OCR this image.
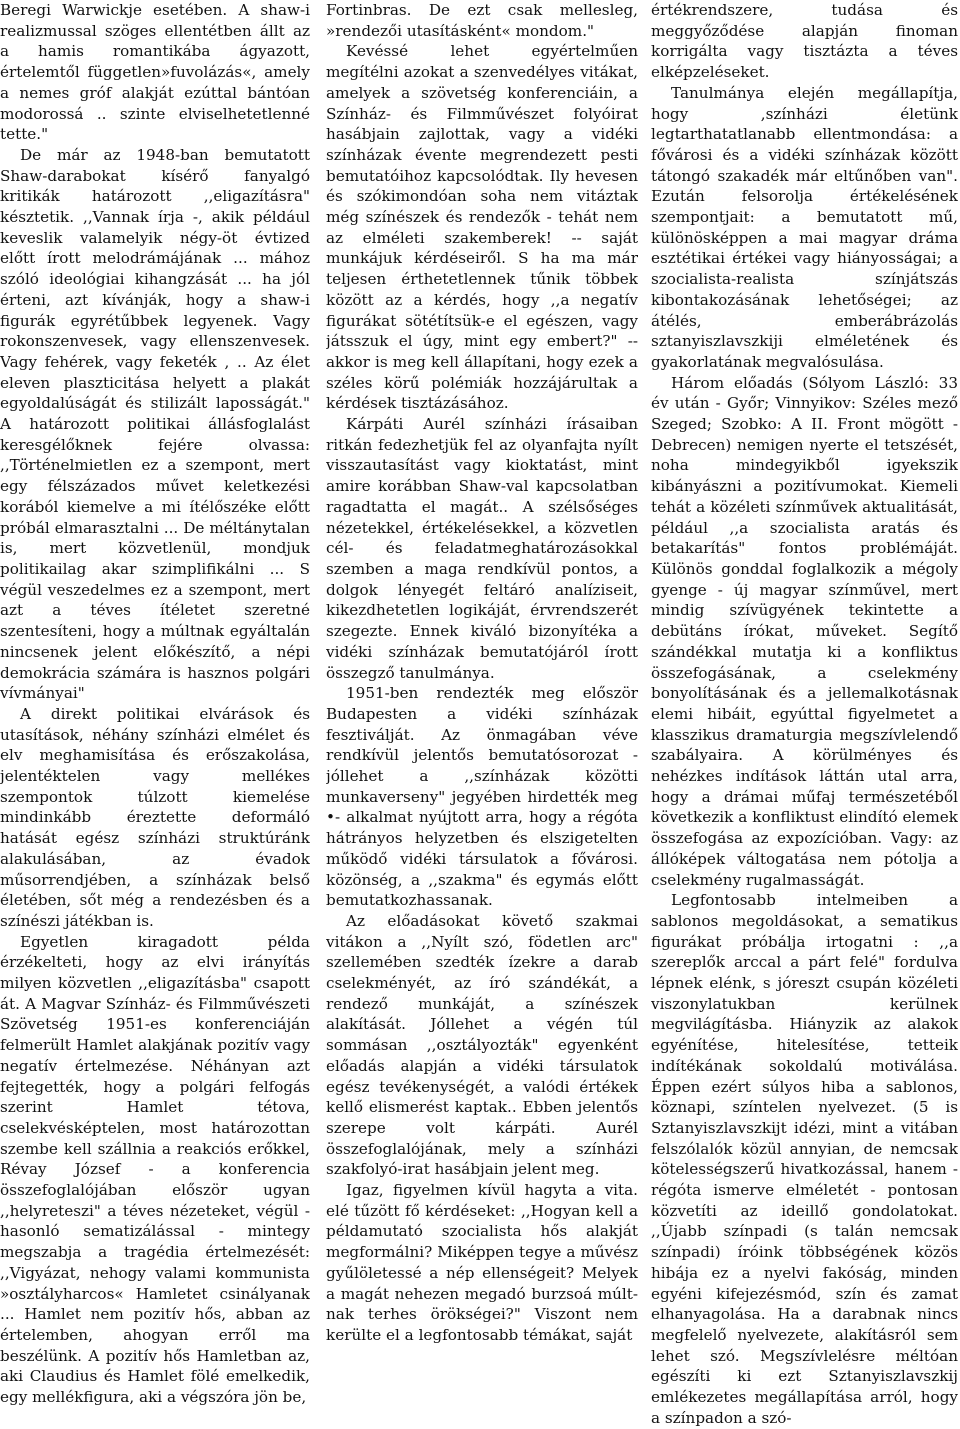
Beregi Warwickje esetében. A shaw-i realizmussal szöges ellentétben állt az a hamis romantikába ágyazott, értelemtől független»fuvolázás«, amely a nemes gróf alakját ezúttal bántóan modorossá .. szinte elviselhetetlenné tette."

De már az 1948-ban bemutatott Shaw-darabokat kísérő fanyalgó kritikák határozott ,,eligazításra" késztetik. ,,Vannak írja -, akik például keveslik valamelyik négy-öt évtized előtt írott melodrámájának ... mához szóló ideológiai kihangzását ... ha jól érteni, azt kívánják, hogy a shaw-i figurák egyrétűbbek legyenek. Vagy rokonszenvesek, vagy ellenszenvesek. Vagy fehérek, vagy feketék , .. Az élet eleven plaszticitása helyett a plakát egyoldalúságát és stilizált laposságát." A határozott politikai állásfoglalást keresgélőknek fejére olvassa: ,,Történelmietlen ez a szempont, mert egy félszázados művet keletkezési korából kiemelve a mi ítélőszéke előtt próbál elmarasztalni ... De méltánytalan is, mert közvetlenül, mondjuk politikailag akar szimplifikálni ... S végül veszedelmes ez a szempont, mert azt a téves ítéletet szeretné szentesíteni, hogy a múltnak egyáltalán nincsenek jelent előkészítő, a népi demokrácia számára is hasznos polgári vívmányai"

A direkt politikai elvárások és utasítások, néhány színházi elmélet és elv meghamisítása és erőszakolása, jelentéktelen vagy mellékes szempontok túlzott kiemelése mindinkább éreztette deformáló hatását egész színházi struktúránk alakulásában, az évadok műsorrendjében, a színházak belső életében, sőt még a rendezésben és a színészi játékban is.

Egyetlen kiragadott példa érzékelteti, hogy az elvi irányítás milyen közvetlen ,,eligazításba" csapott át. A Magvar Színház- és Filmművészeti Szövetség 1951-es konferenciáján felmerült Hamlet alakjának pozitív vagy negatív értelmezése. Néhányan azt fejtegették, hogy a polgári felfogás szerint Hamlet tétova, cselekvésképtelen, most határozottan szembe kell szállnia a reakciós erőkkel, Révay József - a konferencia összefoglalójában először ugyan ,,helyreteszi" a téves nézeteket, végül - hasonló sematizálással - mintegy megszabja a tragédia értelmezését: ,,Vigyázat, nehogy valami kommunista »osztályharcos« Hamletet csinályanak ... Hamlet nem pozitív hős, abban az értelemben, ahogyan erről ma beszélünk. A pozitív hős Hamletban az, aki Claudius és Hamlet fölé emelkedik, egy mellékfigura, aki a végszóra jön be,

Fortinbras. De ezt csak mellesleg, »rendezői utasításként« mondom."

Kevéssé lehet egyértelműen megítélni azokat a szenvedélyes vitákat, amelyek a szövetség konferenciáin, a Színház- és Filmművészet folyóirat hasábjain zajlottak, vagy a vidéki színházak évente megrendezett pesti bemutatóihoz kapcsolódtak. Ily hevesen és szókimondóan soha nem vitáztak még színészek és rendezők - tehát nem az elméleti szakemberek! -- saját munkájuk kérdéseiről. S ha ma már teljesen érthetetlennek tűnik többek között az a kérdés, hogy ,,a negatív figurákat sötétítsük-e el egészen, vagy játsszuk el úgy, mint egy embert?" -- akkor is meg kell állapítani, hogy ezek a széles körű polémiák hozzájárultak a kérdések tisztázásához.

Kárpáti Aurél színházi írásaiban ritkán fedezhetjük fel az olyanfajta nyílt visszautasítást vagy kioktatást, mint amire korábban Shaw-val kapcsolatban ragadtatta el magát.. A szélsőséges nézetekkel, értékelésekkel, a közvetlen cél- és feladatmeghatározásokkal szemben a maga rendkívül pontos, a dolgok lényegét feltáró analíziseit, kikezdhetetlen logikáját, érvrendszerét szegezte. Ennek kiváló bizonyítéka a vidéki színházak bemutatójáról írott összegző tanulmánya.

1951-ben rendezték meg először Budapesten a vidéki színházak fesztiválját. Az önmagában véve rendkívül jelentős bemutatósorozat - jóllehet a ,,színházak közötti munkaverseny" jegyében hirdették meg •- alkalmat nyújtott arra, hogy a régóta hátrányos helyzetben és elszigetelten működő vidéki társulatok a fővárosi. közönség, a ,,szakma" és egymás előtt bemutatkozhassanak.

Az előadásokat követő szakmai vitákon a ,,Nyílt szó, födetlen arc" szellemében szedték ízekre a darab cselekményét, az író szándékát, a rendező munkáját, a színészek alakítását. Jóllehet a végén túl sommásan ,,osztályozták" egyenként előadás alapján a vidéki társulatok egész tevékenységét, a valódi értékek kellő elismerést kaptak.. Ebben jelentős szerepe volt kárpáti. Aurél összefoglalójának, mely a színházi szakfolyó-irat hasábjain jelent meg.

Igaz, figyelmen kívül hagyta a vita. elé tűzött fő kérdéseket: ,,Hogyan kell a példamutató szocialista hős alakját megformálni? Miképpen tegye a művész gyűlöletessé a nép ellenségeit? Melyek a magát nehezen megadó burzsoá múlt-nak terhes örökségei?" Viszont nem kerülte el a legfontosabb témákat, saját

értékrendszere, tudása és meggyőződése alapján finoman korrigálta vagy tisztázta a téves elképzeléseket.

Tanulmánya elején megállapítja, hogy ,színházi életünk legtarthatatlanabb ellentmondása: a fővárosi és a vidéki színházak között tátongó szakadék már eltűnőben van". Ezután felsorolja értékelésének szempontjait: a bemutatott mű, különösképpen a mai magyar dráma esztétikai értékei vagy hiányosságai; a szocialista-realista színjátszás kibontakozásának lehetőségei; az átélés, emberábrázolás sztanyiszlavszkiji elméletének és gyakorlatának megvalósulása.

Három előadás (Sólyom László: 33 év után - Győr; Vinnyikov: Széles mező Szeged; Szobko: A II. Front mögött - Debrecen) nemigen nyerte el tetszését, noha mindegyikből igyekszik kibányászni a pozitívumokat. Kiemeli tehát a közéleti színművek aktualitását, például ,,a szocialista aratás és betakarítás" fontos problémáját. Különös gonddal foglalkozik a mégoly gyenge - új magyar színművel, mert mindig szívügyének tekintette a debütáns írókat, műveket. Segítő szándékkal mutatja ki a konfliktus összefogásának, a cselekmény bonyolításának és a jellemalkotásnak elemi hibáit, egyúttal figyelmetet a klasszikus dramaturgia megszívlelendő szabályaira. A körülményes és nehézkes indítások láttán utal arra, hogy a drámai műfaj természetéből következik a konfliktust elindító elemek összefogása az expozícióban. Vagy: az állóképek váltogatása nem pótolja a cselekmény rugalmasságát.

Legfontosabb intelmeiben a sablonos megoldásokat, a sematikus figurákat próbálja irtogatni : ,,a szereplők arccal a párt felé" fordulva lépnek elénk, s jóreszt csupán közéleti viszonylatukban kerülnek megvilágításba. Hiányzik az alakok egyénítése, hitelesítése, tetteik indítékának sokoldalú motiválása. Éppen ezért súlyos hiba a sablonos, köznapi, színtelen nyelvezet. (5 is Sztanyiszlavszkijt idézi, mint a vitában felszólalók közül annyian, de nemcsak kötelességszerű hivatkozással, hanem - régóta ismerve elméletét - pontosan közvetíti az ideillő gondolatokat. ,,Újabb színpadi (s talán nemcsak színpadi) íróink többségének közös hibája ez a nyelvi fakóság, minden egyéni kifejezésmód, szín és zamat elhanyagolása. Ha a darabnak nincs megfelelő nyelvezete, alakításról sem lehet szó. Megszívlelésre méltóan egészíti ki ezt Sztanyiszlavszkij emlékezetes megállapítása arról, hogy a színpadon a szó-
